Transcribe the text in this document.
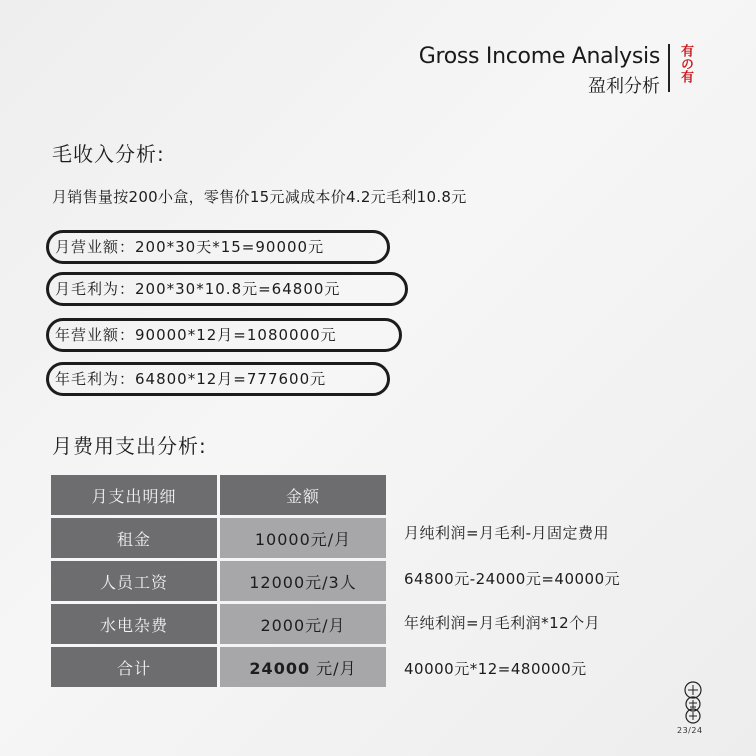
Gross Income Analysis
盈利分析
有の有
毛收入分析:
月销售量按200小盒，零售价15元减成本价4.2元毛利10.8元
月营业额：200*30天*15=90000元
月毛利为：200*30*10.8元=64800元
年营业额：90000*12月=1080000元
年毛利为：64800*12月=777600元
月费用支出分析:
月支出明细	金额
租金	10000元/月
人员工资	12000元/3人
水电杂费	2000元/月
合计	24000 元/月
月纯利润=月毛利-月固定费用
64800元-24000元=40000元
年纯利润=月毛利润*12个月
40000元*12=480000元
23/24
